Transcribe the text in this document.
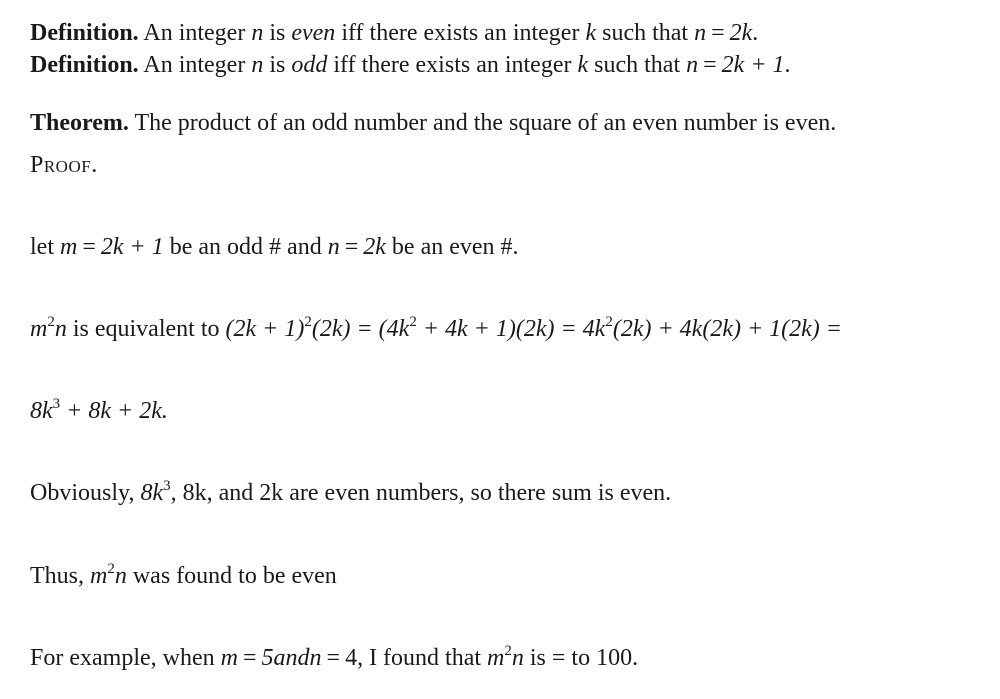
Definition. An integer n is even iff there exists an integer k such that n = 2k.
Definition. An integer n is odd iff there exists an integer k such that n = 2k + 1.
Theorem. The product of an odd number and the square of an even number is even.
Proof.
let m = 2k + 1 be an odd # and n = 2k be an even #.
$m^2n$ is equivalent to $(2k + 1)^2(2k) = (4k^2 + 4k + 1)(2k) = 4k^2(2k) + 4k(2k) + 1(2k)$ =
$8k^3 + 8k + 2k$.
Obviously, $8k^3$, 8k, and 2k are even numbers, so there sum is even.
Thus, $m^2n$ was found to be even
For example, when m = 5andn = 4, I found that $m^2n$ is = to 100.
